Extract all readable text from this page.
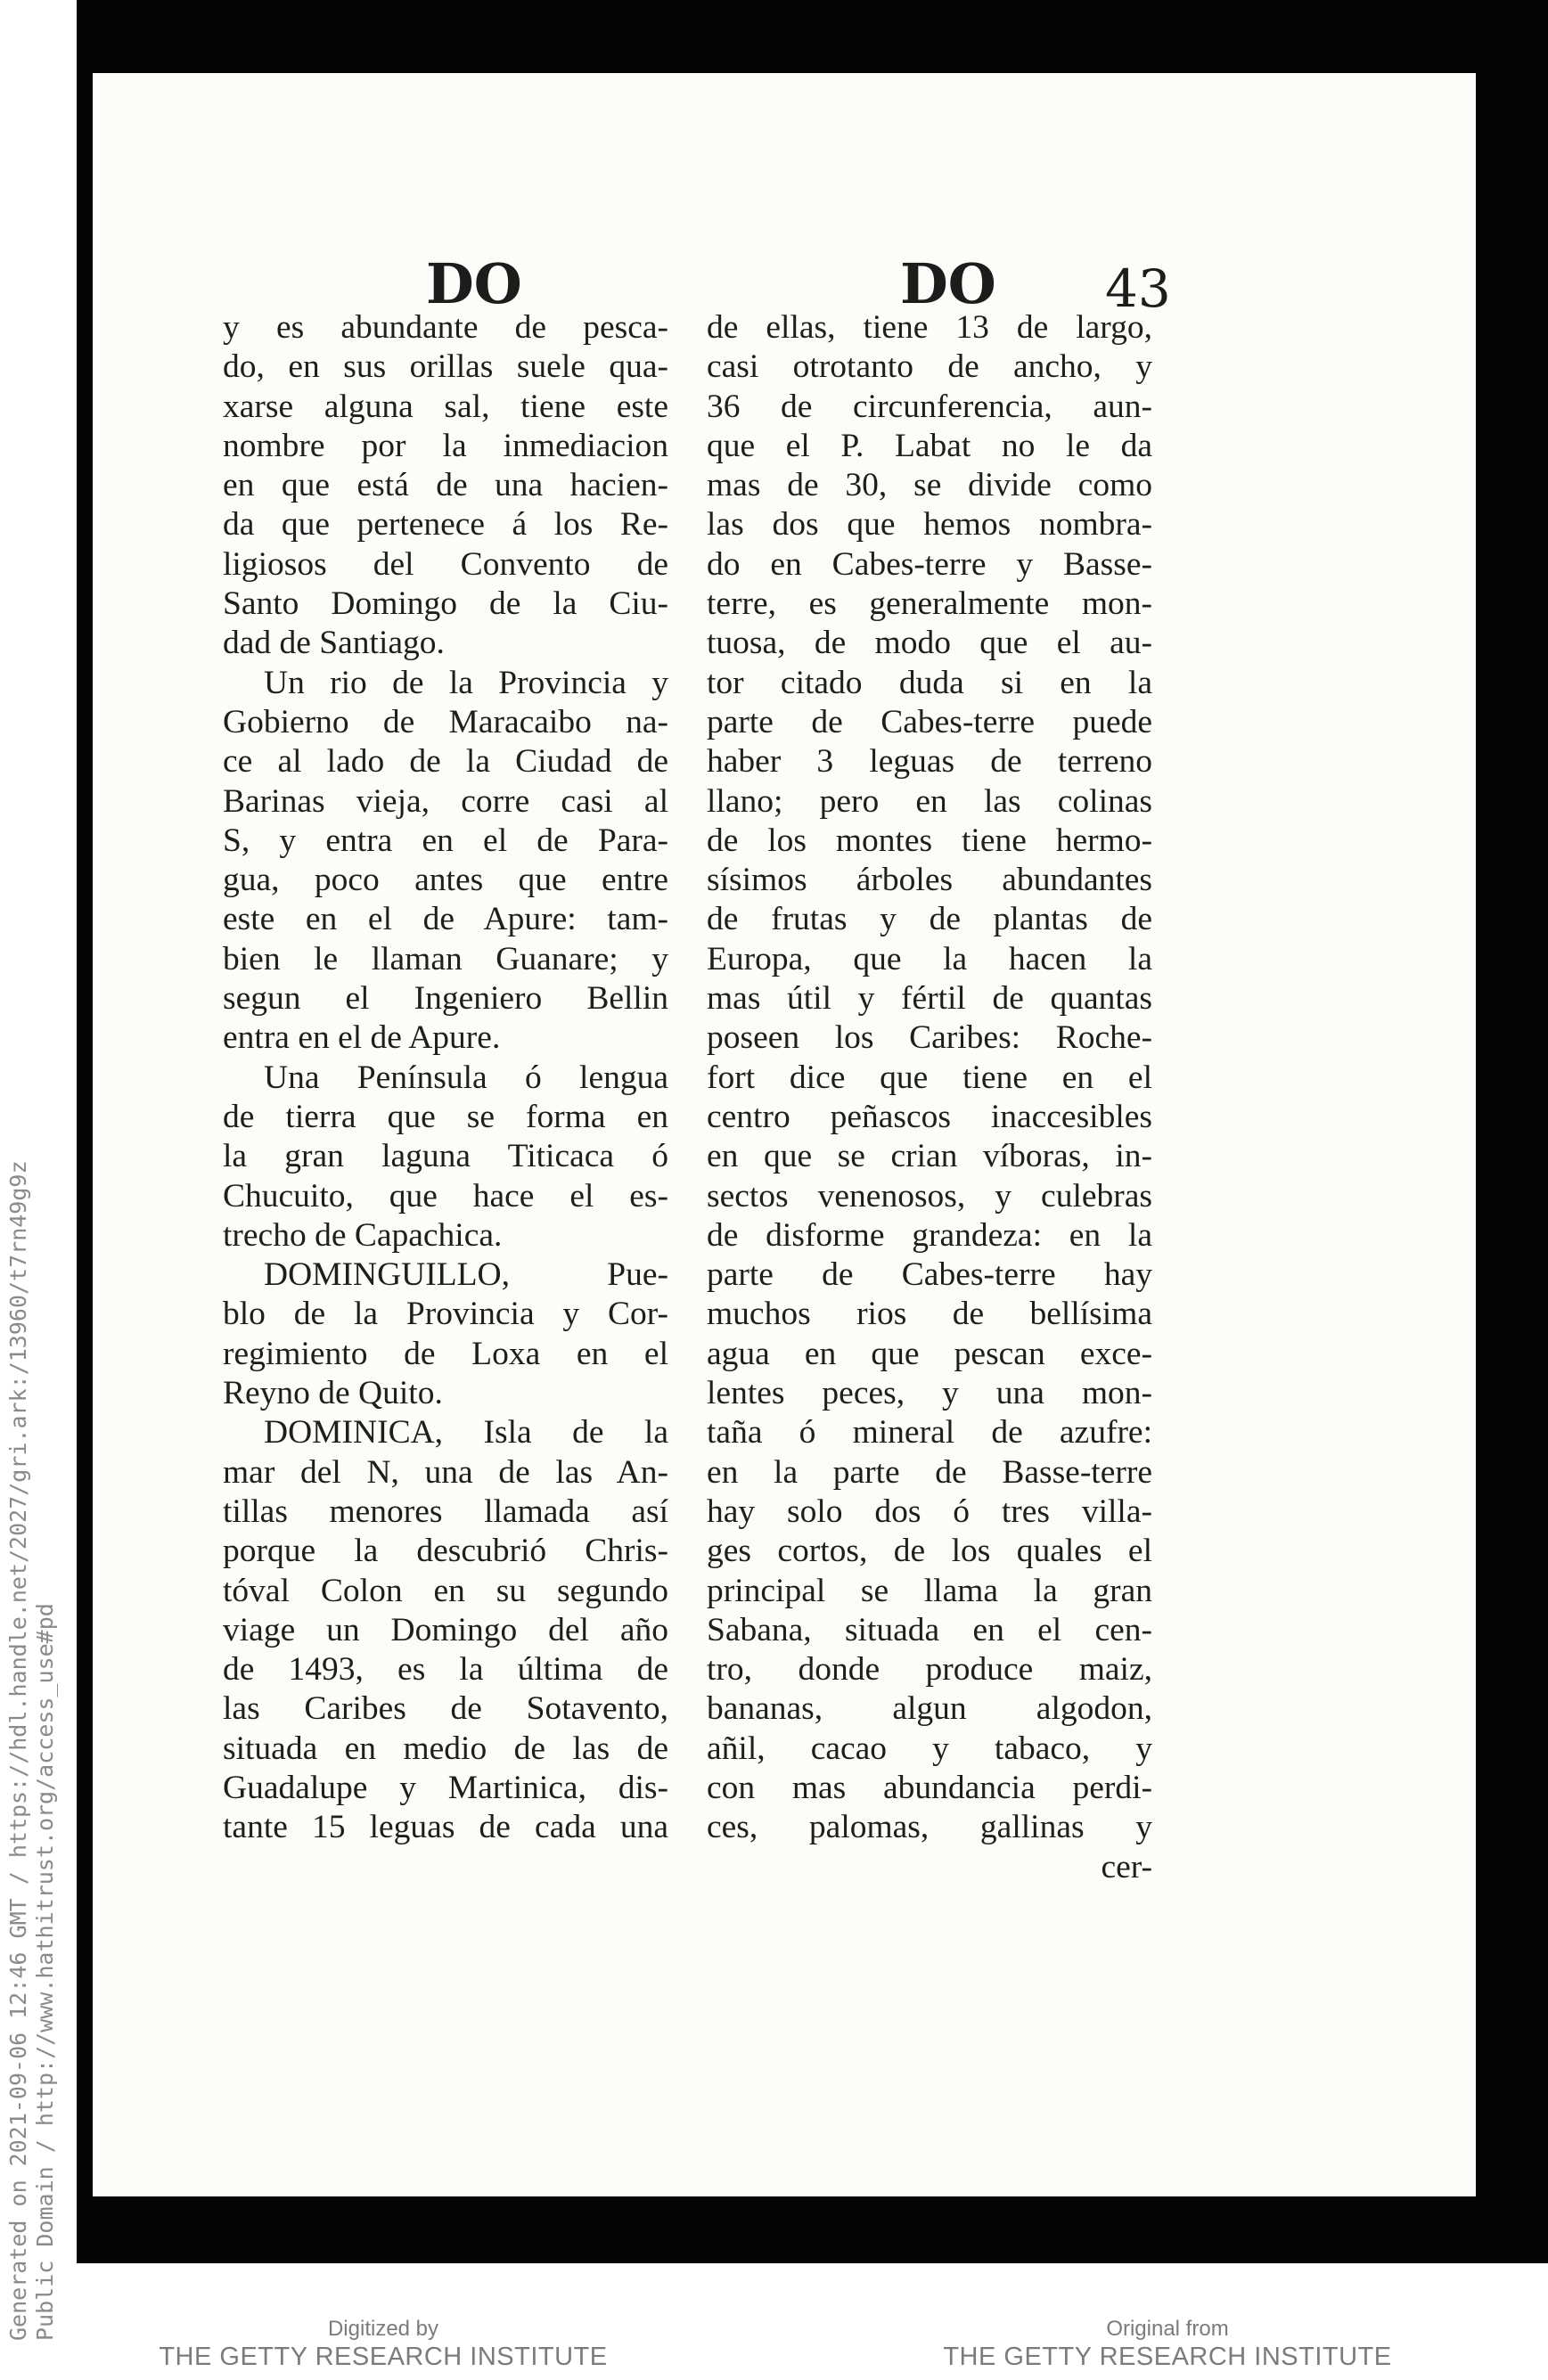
DO	DO 43
y es abundante de pesca-
do, en sus orillas suele qua-
xarse alguna sal, tiene este
nombre por la inmediacion
en que está de una hacien-
da que pertenece á los Re-
ligiosos del Convento de
Santo Domingo de la Ciu-
dad de Santiago.
Un rio de la Provincia y
Gobierno de Maracaibo na-
ce al lado de la Ciudad de
Barinas vieja, corre casi al
S, y entra en el de Para-
gua, poco antes que entre
este en el de Apure: tam-
bien le llaman Guanare; y
segun el Ingeniero Bellin
entra en el de Apure.
Una Península ó lengua
de tierra que se forma en
la gran laguna Titicaca ó
Chucuito, que hace el es-
trecho de Capachica.
DOMINGUILLO, Pue-
blo de la Provincia y Cor-
regimiento de Loxa en el
Reyno de Quito.
DOMINICA, Isla de la
mar del N, una de las An-
tillas menores llamada así
porque la descubrió Chris-
tóval Colon en su segundo
viage un Domingo del año
de 1493, es la última de
las Caribes de Sotavento,
situada en medio de las de
Guadalupe y Martinica, dis-
tante 15 leguas de cada una
de ellas, tiene 13 de largo,
casi otrotanto de ancho, y
36 de circunferencia, aun-
que el P. Labat no le da
mas de 30, se divide como
las dos que hemos nombra-
do en Cabes-terre y Basse-
terre, es generalmente mon-
tuosa, de modo que el au-
tor citado duda si en la
parte de Cabes-terre puede
haber 3 leguas de terreno
llano; pero en las colinas
de los montes tiene hermo-
sísimos árboles abundantes
de frutas y de plantas de
Europa, que la hacen la
mas útil y fértil de quantas
poseen los Caribes: Roche-
fort dice que tiene en el
centro peñascos inaccesibles
en que se crian víboras, in-
sectos venenosos, y culebras
de disforme grandeza: en la
parte de Cabes-terre hay
muchos rios de bellísima
agua en que pescan exce-
lentes peces, y una mon-
taña ó mineral de azufre:
en la parte de Basse-terre
hay solo dos ó tres villa-
ges cortos, de los quales el
principal se llama la gran
Sabana, situada en el cen-
tro, donde produce maiz,
bananas, algun algodon,
añil, cacao y tabaco, y
con mas abundancia perdi-
ces, palomas, gallinas y
cer-
Generated on 2021-09-06 12:46 GMT / https://hdl.handle.net/2027/gri.ark:/13960/t7rn49g9z Public Domain / http://www.hathitrust.org/access_use#pd	Digitized by
THE GETTY RESEARCH INSTITUTE
Original from
THE GETTY RESEARCH INSTITUTE
